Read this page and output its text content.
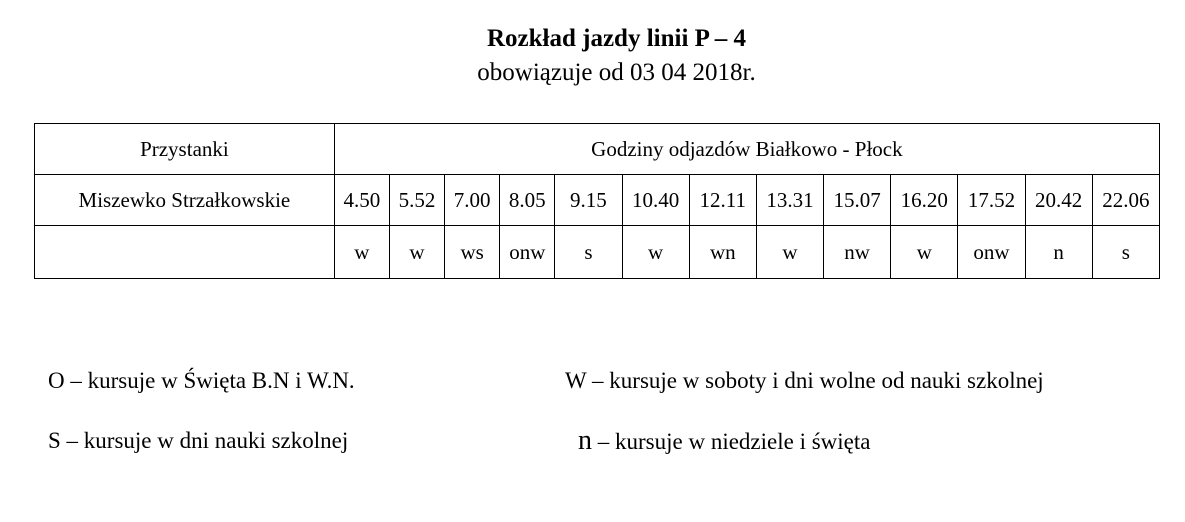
Rozkład jazdy linii P – 4
obowiązuje od 03 04 2018r.
Przystanki	Godziny odjazdów Białkowo - Płock												
Miszewko Strzałkowskie	4.50	5.52	7.00	8.05	9.15	10.40	12.11	13.31	15.07	16.20	17.52	20.42	22.06
	w	w	ws	onw	s	w	wn	w	nw	w	onw	n	s
O – kursuje w Święta B.N i W.N.	W – kursuje w soboty i dni wolne od nauki szkolnej
S – kursuje w dni nauki szkolnej	n – kursuje w niedziele i święta
